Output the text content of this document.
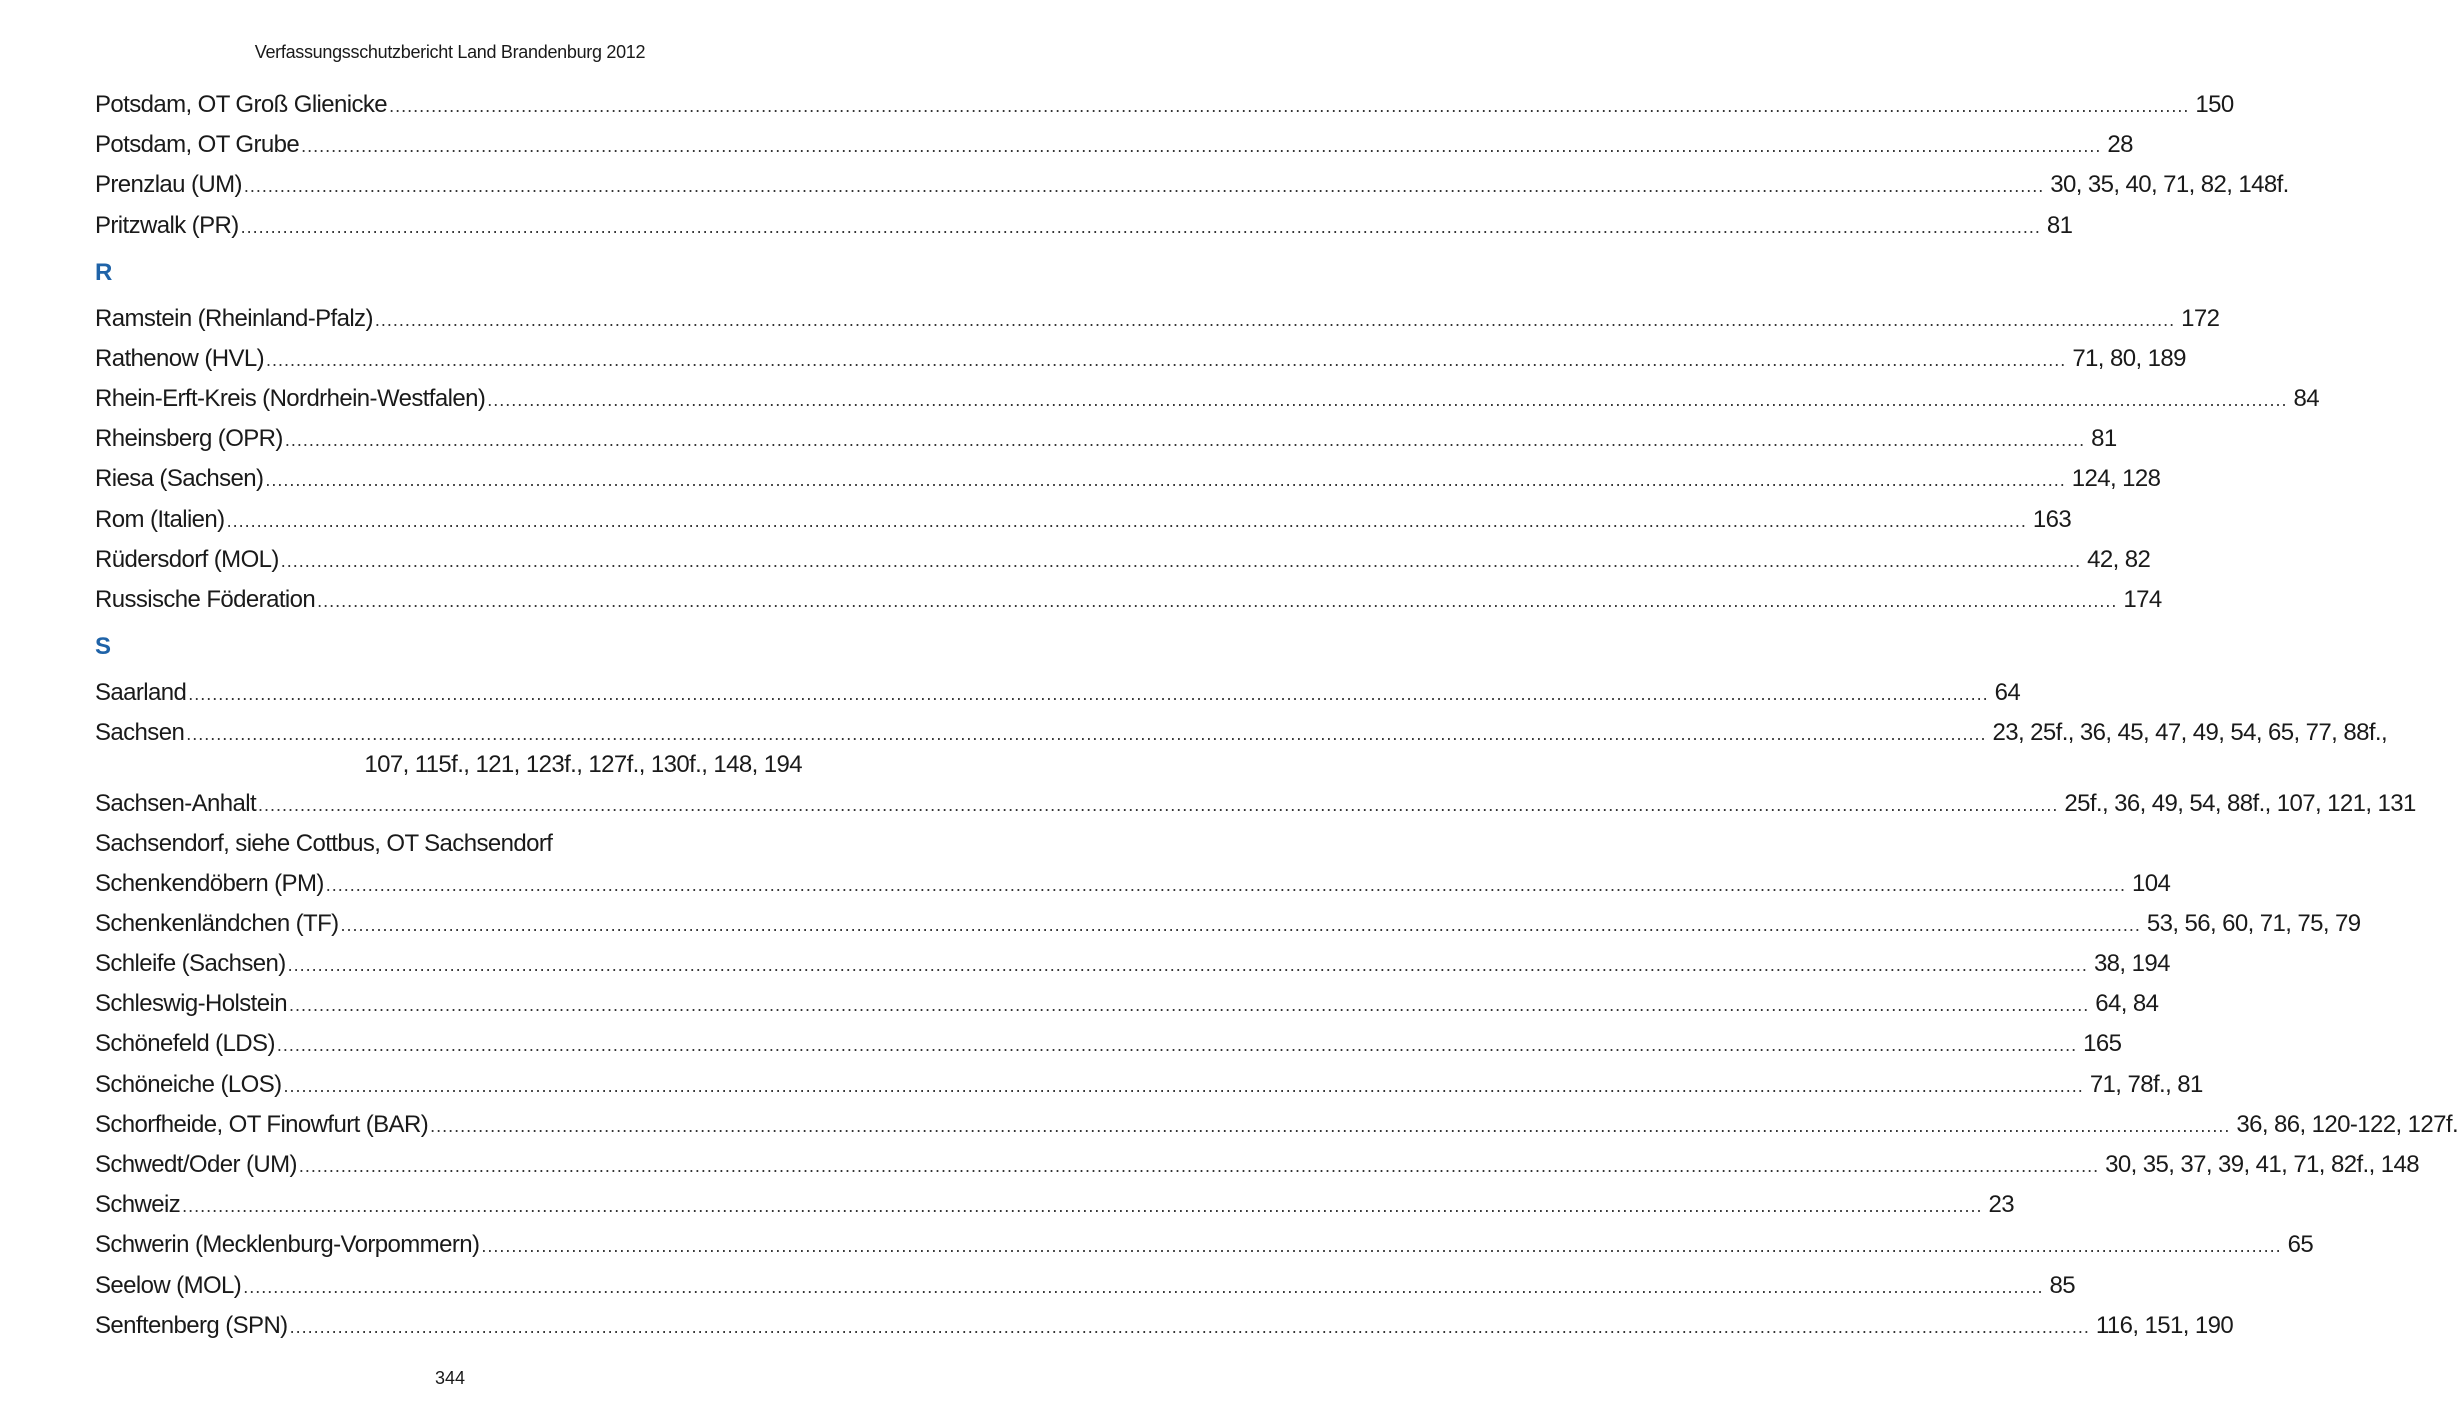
Verfassungsschutzbericht Land Brandenburg 2012
Potsdam, OT Groß Glienicke ............................................................................................................................................................................................................................................................................................................ 150
Potsdam, OT Grube ............................................................................................................................................................................................................................................................................................................ 28
Prenzlau (UM) ............................................................................................................................................................................................................................................................................................................ 30, 35, 40, 71, 82, 148f.
Pritzwalk (PR) ............................................................................................................................................................................................................................................................................................................ 81
R
Ramstein (Rheinland-Pfalz) ............................................................................................................................................................................................................................................................................................................ 172
Rathenow (HVL) ............................................................................................................................................................................................................................................................................................................ 71, 80, 189
Rhein-Erft-Kreis (Nordrhein-Westfalen) ............................................................................................................................................................................................................................................................................................................ 84
Rheinsberg (OPR) ............................................................................................................................................................................................................................................................................................................ 81
Riesa (Sachsen) ............................................................................................................................................................................................................................................................................................................ 124, 128
Rom (Italien) ............................................................................................................................................................................................................................................................................................................ 163
Rüdersdorf (MOL) ............................................................................................................................................................................................................................................................................................................ 42, 82
Russische Föderation ............................................................................................................................................................................................................................................................................................................ 174
S
Saarland ............................................................................................................................................................................................................................................................................................................ 64
Sachsen ............................................................................................................................................................................................................................................................................................................ 23, 25f., 36, 45, 47, 49, 54, 65, 77, 88f.,
107, 115f., 121, 123f., 127f., 130f., 148, 194
Sachsen-Anhalt ............................................................................................................................................................................................................................................................................................................ 25f., 36, 49, 54, 88f., 107, 121, 131
Sachsendorf, siehe Cottbus, OT Sachsendorf
Schenkendöbern (PM) ............................................................................................................................................................................................................................................................................................................ 104
Schenkenländchen (TF) ............................................................................................................................................................................................................................................................................................................ 53, 56, 60, 71, 75, 79
Schleife (Sachsen) ............................................................................................................................................................................................................................................................................................................ 38, 194
Schleswig-Holstein ............................................................................................................................................................................................................................................................................................................ 64, 84
Schönefeld (LDS) ............................................................................................................................................................................................................................................................................................................ 165
Schöneiche (LOS) ............................................................................................................................................................................................................................................................................................................ 71, 78f., 81
Schorfheide, OT Finowfurt (BAR) ............................................................................................................................................................................................................................................................................................................ 36, 86, 120-122, 127f.
Schwedt/Oder (UM) ............................................................................................................................................................................................................................................................................................................ 30, 35, 37, 39, 41, 71, 82f., 148
Schweiz ............................................................................................................................................................................................................................................................................................................ 23
Schwerin (Mecklenburg-Vorpommern) ............................................................................................................................................................................................................................................................................................................ 65
Seelow (MOL) ............................................................................................................................................................................................................................................................................................................ 85
Senftenberg (SPN) ............................................................................................................................................................................................................................................................................................................ 116, 151, 190
344
